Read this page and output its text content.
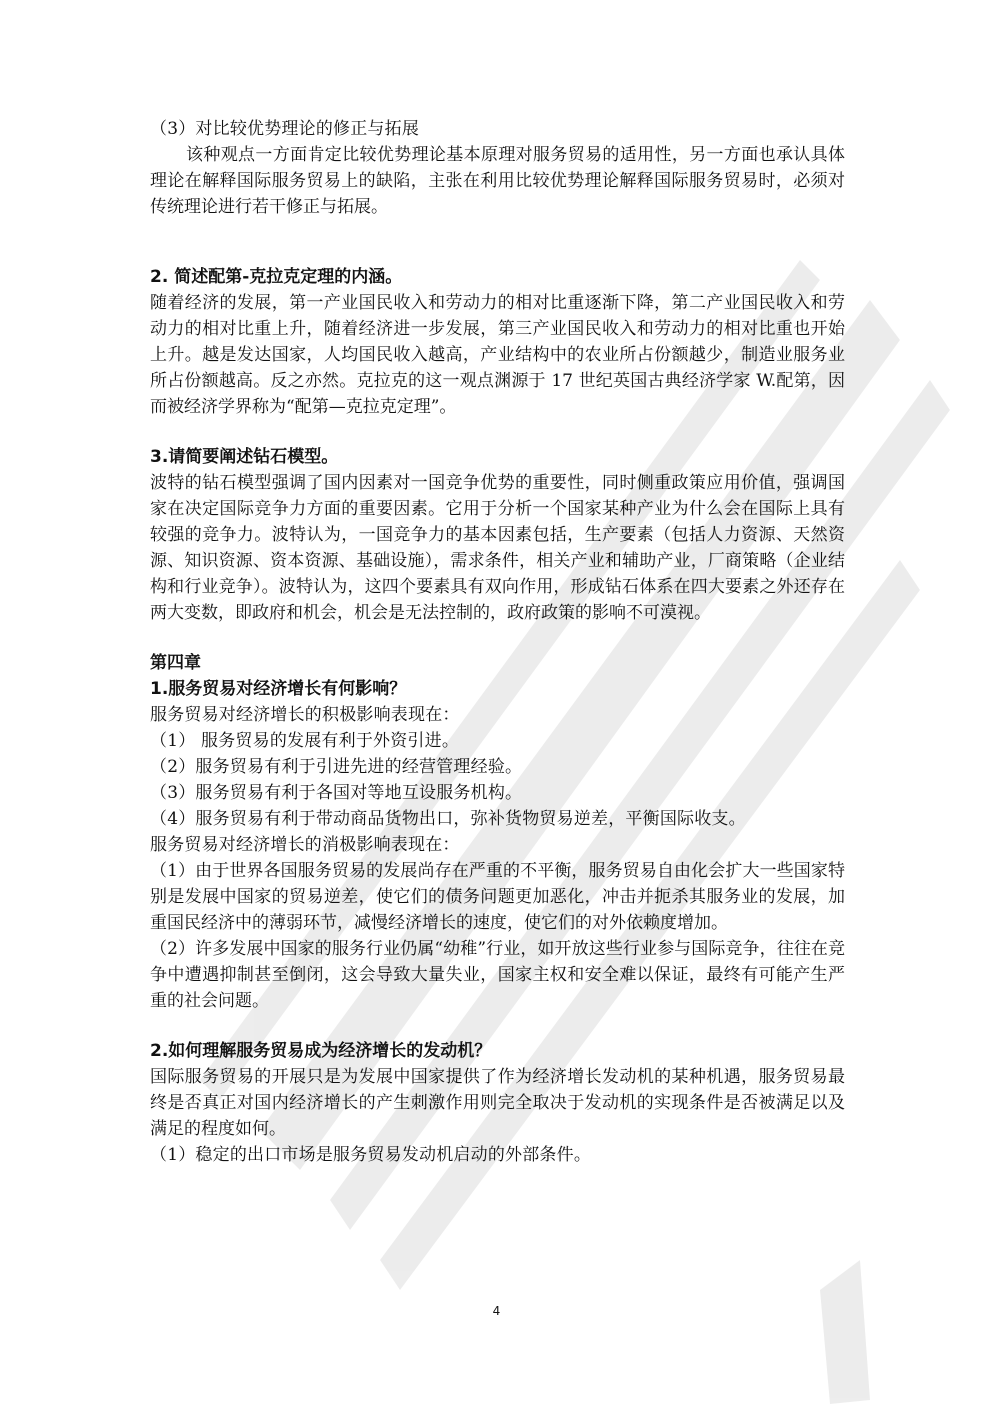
（3）对比较优势理论的修正与拓展

该种观点一方面肯定比较优势理论基本原理对服务贸易的适用性，另一方面也承认具体理论在解释国际服务贸易上的缺陷，主张在利用比较优势理论解释国际服务贸易时，必须对传统理论进行若干修正与拓展。

2. 简述配第-克拉克定理的内涵。

随着经济的发展，第一产业国民收入和劳动力的相对比重逐渐下降，第二产业国民收入和劳动力的相对比重上升，随着经济进一步发展，第三产业国民收入和劳动力的相对比重也开始上升。越是发达国家，人均国民收入越高，产业结构中的农业所占份额越少，制造业服务业所占份额越高。反之亦然。克拉克的这一观点渊源于 17 世纪英国古典经济学家 W.配第，因而被经济学界称为“配第—克拉克定理”。

3.请简要阐述钻石模型。

波特的钻石模型强调了国内因素对一国竞争优势的重要性，同时侧重政策应用价值，强调国家在决定国际竞争力方面的重要因素。它用于分析一个国家某种产业为什么会在国际上具有较强的竞争力。波特认为，一国竞争力的基本因素包括，生产要素（包括人力资源、天然资源、知识资源、资本资源、基础设施），需求条件，相关产业和辅助产业，厂商策略（企业结构和行业竞争）。波特认为，这四个要素具有双向作用，形成钻石体系在四大要素之外还存在两大变数，即政府和机会，机会是无法控制的，政府政策的影响不可漠视。

第四章

1.服务贸易对经济增长有何影响？

服务贸易对经济增长的积极影响表现在：
（1） 服务贸易的发展有利于外资引进。
（2）服务贸易有利于引进先进的经营管理经验。
（3）服务贸易有利于各国对等地互设服务机构。
（4）服务贸易有利于带动商品货物出口，弥补货物贸易逆差，平衡国际收支。
服务贸易对经济增长的消极影响表现在：

（1）由于世界各国服务贸易的发展尚存在严重的不平衡，服务贸易自由化会扩大一些国家特别是发展中国家的贸易逆差，使它们的债务问题更加恶化，冲击并扼杀其服务业的发展，加重国民经济中的薄弱环节，减慢经济增长的速度，使它们的对外依赖度增加。

（2）许多发展中国家的服务行业仍属“幼稚”行业，如开放这些行业参与国际竞争，往往在竞争中遭遇抑制甚至倒闭，这会导致大量失业，国家主权和安全难以保证，最终有可能产生严重的社会问题。

2.如何理解服务贸易成为经济增长的发动机？

国际服务贸易的开展只是为发展中国家提供了作为经济增长发动机的某种机遇，服务贸易最终是否真正对国内经济增长的产生刺激作用则完全取决于发动机的实现条件是否被满足以及满足的程度如何。

（1）稳定的出口市场是服务贸易发动机启动的外部条件。
4
